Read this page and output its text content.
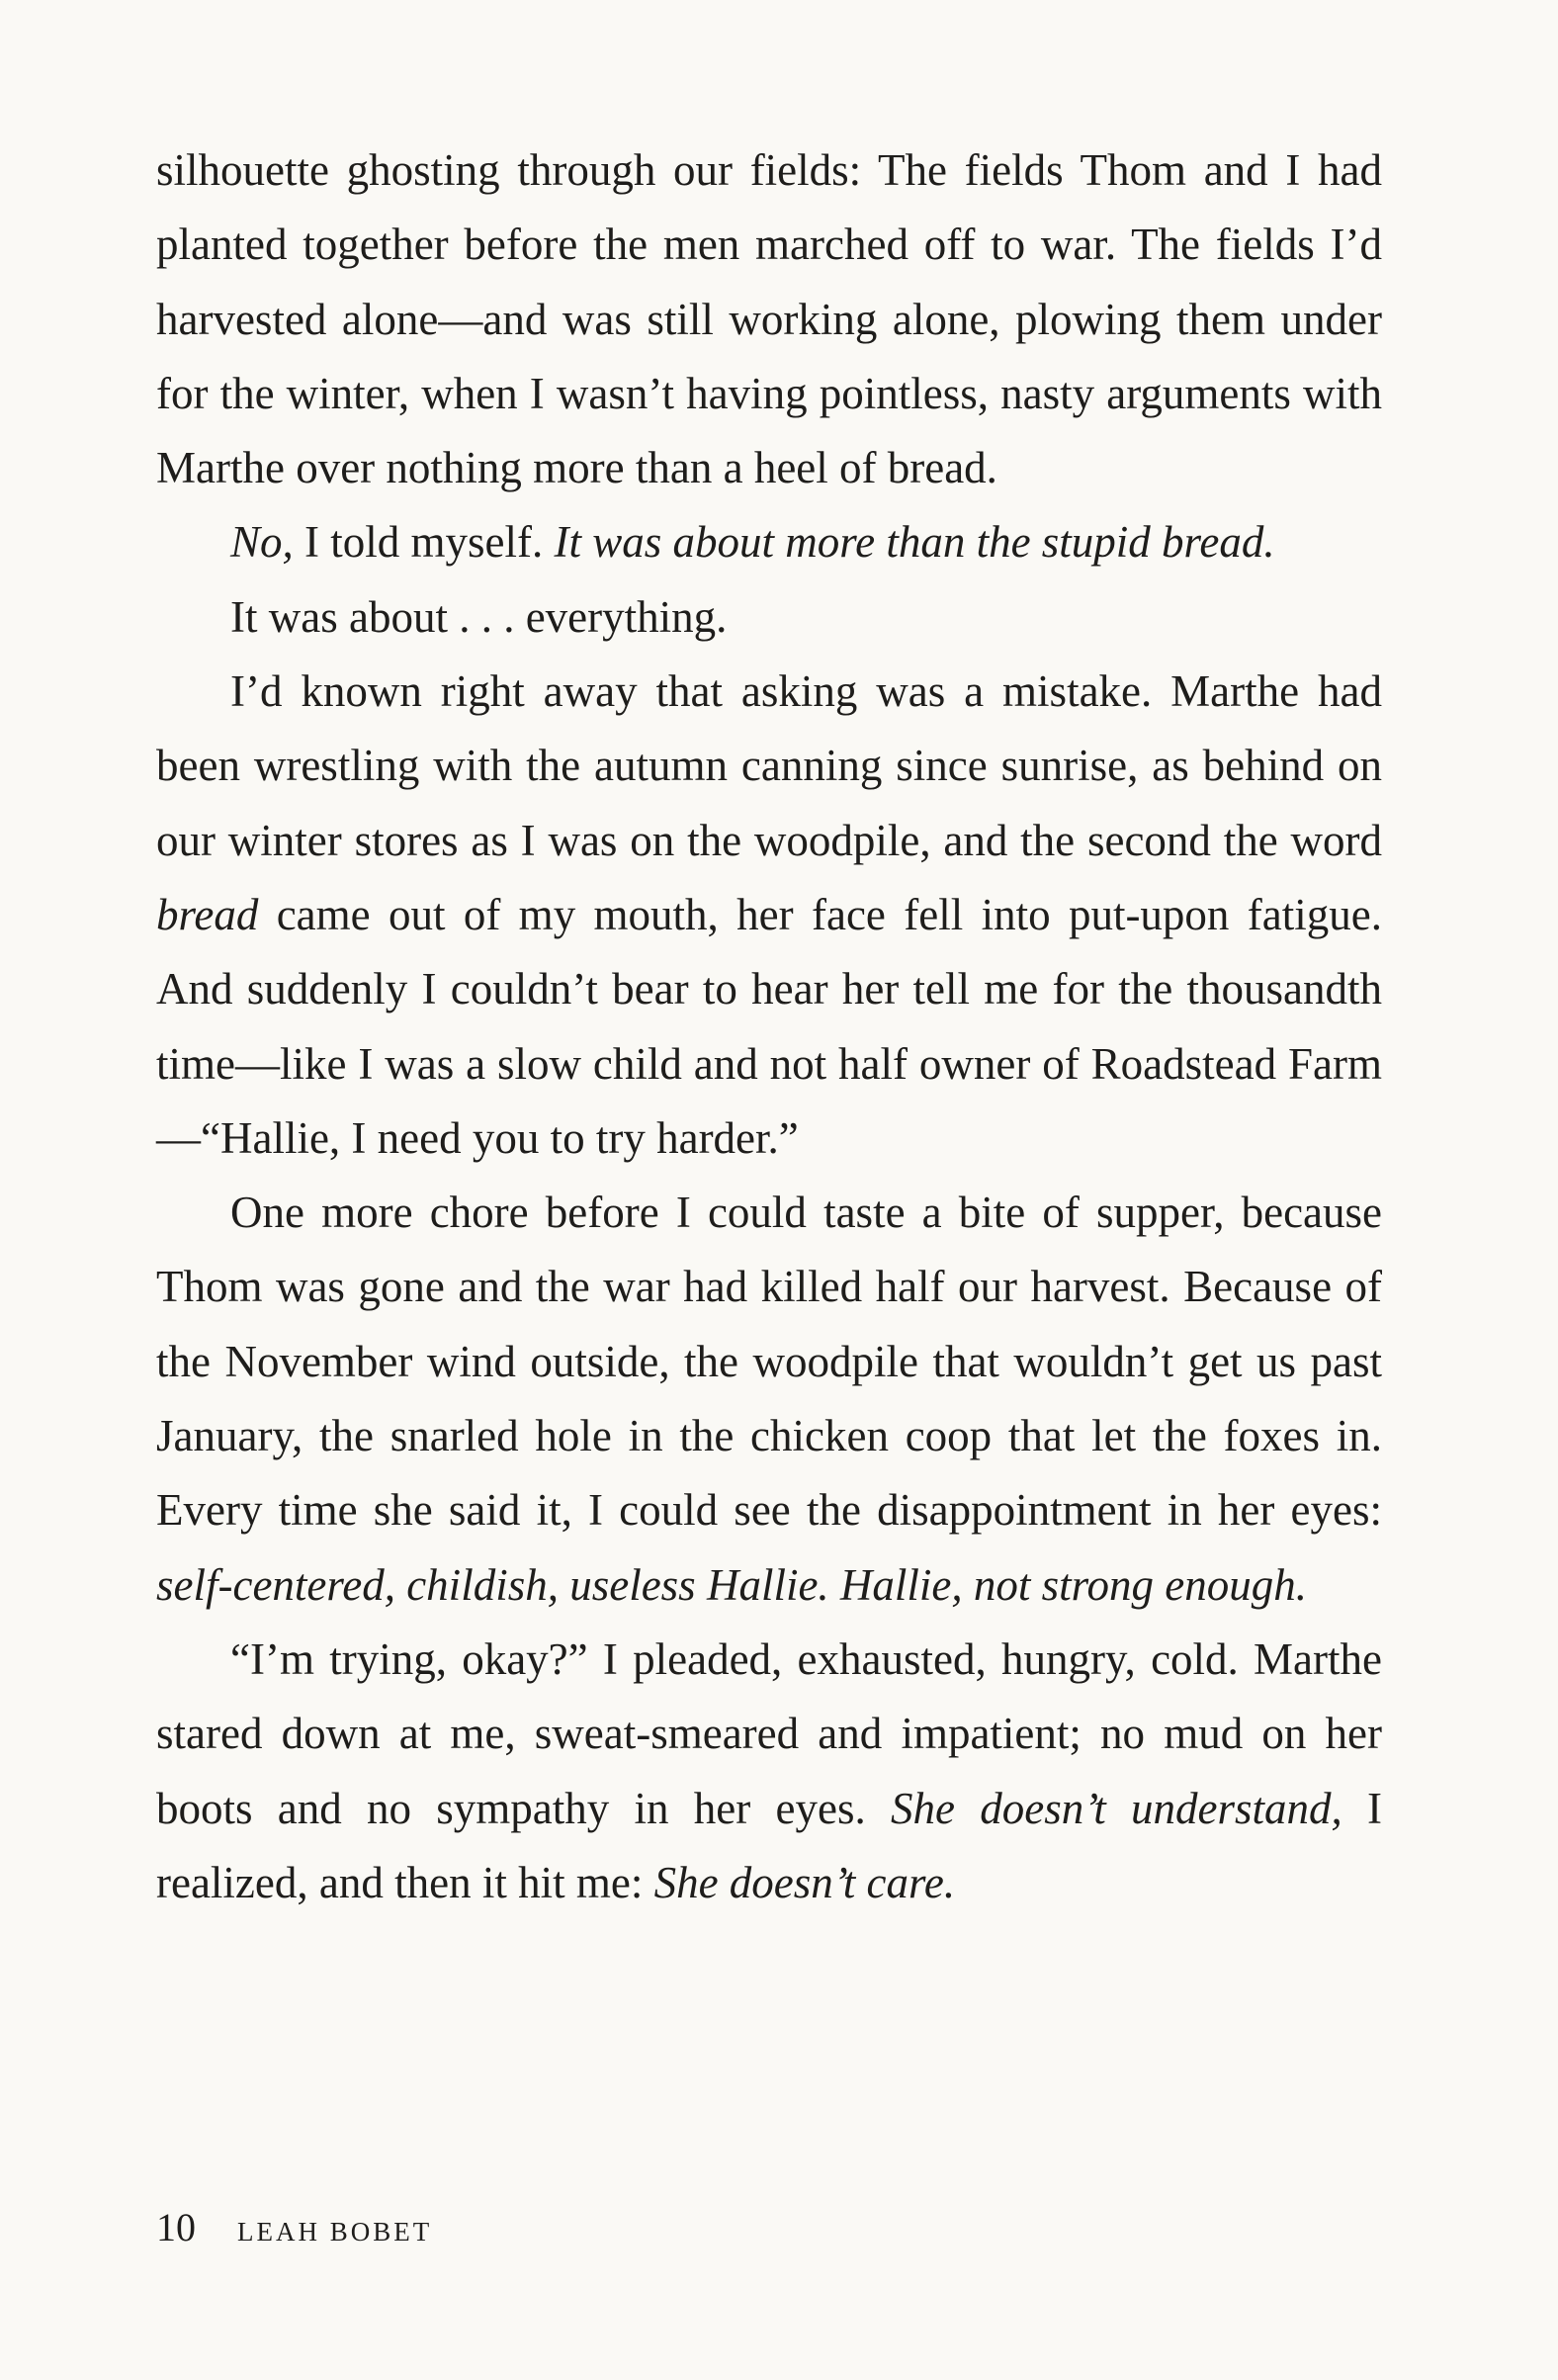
silhouette ghosting through our fields: The fields Thom and I had planted together before the men marched off to war. The fields I’d harvested alone—and was still working alone, plowing them under for the winter, when I wasn’t having pointless, nasty arguments with Marthe over nothing more than a heel of bread.

No, I told myself. It was about more than the stupid bread.

It was about . . . everything.

I’d known right away that asking was a mistake. Marthe had been wrestling with the autumn canning since sunrise, as behind on our winter stores as I was on the woodpile, and the second the word bread came out of my mouth, her face fell into put-upon fatigue. And suddenly I couldn’t bear to hear her tell me for the thousandth time—like I was a slow child and not half owner of Roadstead Farm—“Hallie, I need you to try harder.”

One more chore before I could taste a bite of supper, because Thom was gone and the war had killed half our harvest. Because of the November wind outside, the woodpile that wouldn’t get us past January, the snarled hole in the chicken coop that let the foxes in. Every time she said it, I could see the disappointment in her eyes: self-centered, childish, useless Hallie. Hallie, not strong enough.

“I’m trying, okay?” I pleaded, exhausted, hungry, cold. Marthe stared down at me, sweat-smeared and impatient; no mud on her boots and no sympathy in her eyes. She doesn’t understand, I realized, and then it hit me: She doesn’t care.

10 LEAH BOBET
